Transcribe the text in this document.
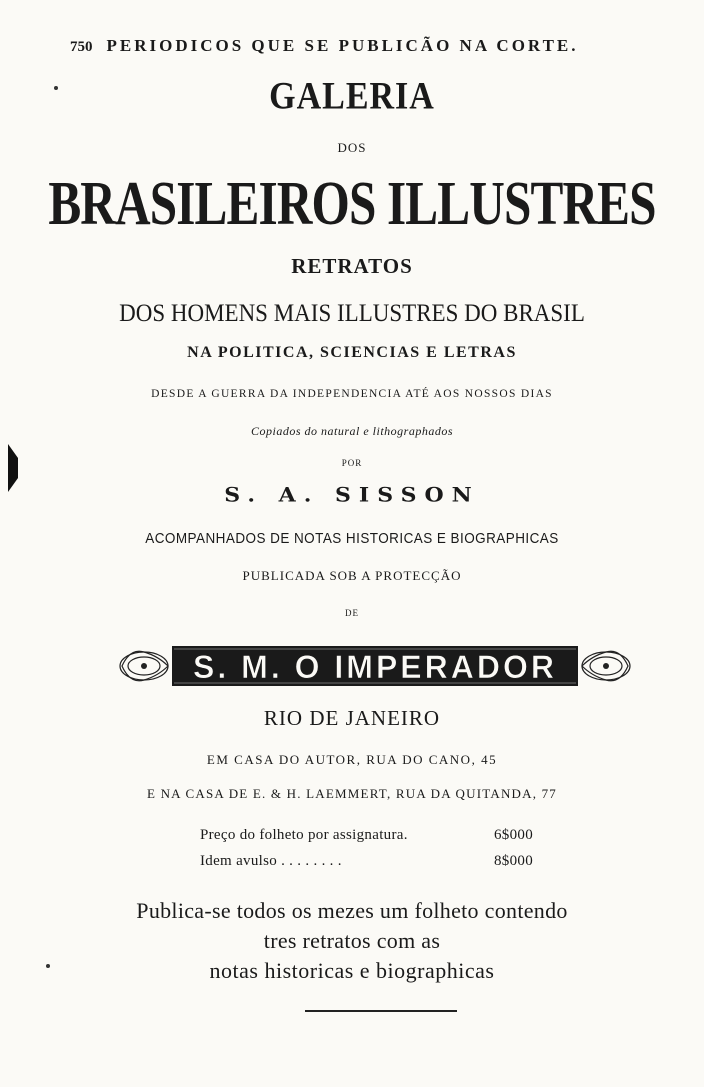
750 PERIODICOS QUE SE PUBLICÃO NA CORTE.
GALERIA
DOS
BRASILEIROS ILLUSTRES
RETRATOS
DOS HOMENS MAIS ILLUSTRES DO BRASIL
NA POLITICA, SCIENCIAS E LETRAS
DESDE A GUERRA DA INDEPENDENCIA ATÉ AOS NOSSOS DIAS
Copiados do natural e lithographados
POR
S. A. SISSON
ACOMPANHADOS DE NOTAS HISTORICAS E BIOGRAPHICAS
PUBLICADA SOB A PROTECÇÃO
DE
S. M. O IMPERADOR
RIO DE JANEIRO
EM CASA DO AUTOR, RUA DO CANO, 45
E NA CASA DE E. & H. LAEMMERT, RUA DA QUITANDA, 77
Preço do folheto por assignatura.	6$000
Idem avulso . . . . . . . .	8$000
Publica-se todos os mezes um folheto contendo
tres retratos com as
notas historicas e biographicas
